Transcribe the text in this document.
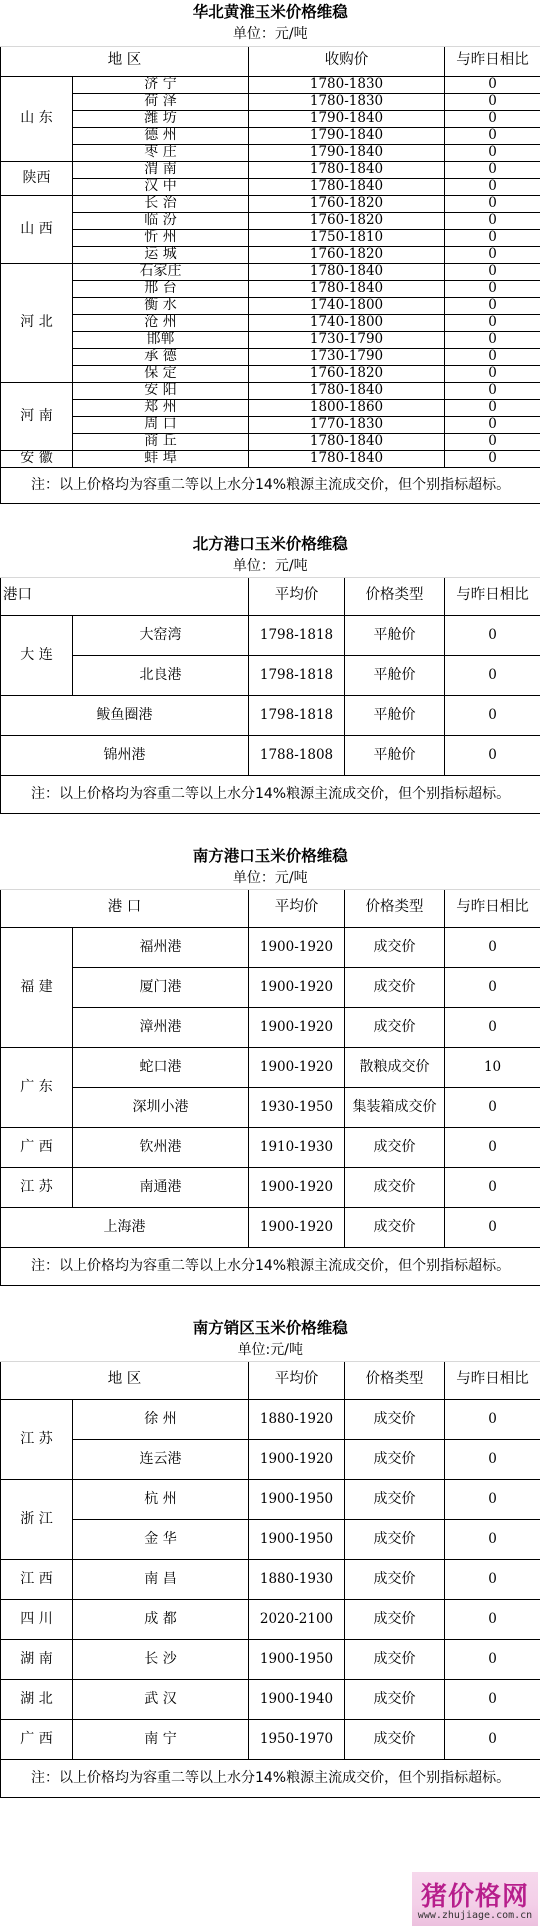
华北黄淮玉米价格维稳				
单位：元/吨				
地 区		收购价		与昨日相比
山 东	济 宁	1780-1830		0
	荷 泽	1780-1830		0
	潍 坊	1790-1840		0
	德 州	1790-1840		0
	枣 庄	1790-1840		0
陕西	渭 南	1780-1840		0
	汉 中	1780-1840		0
山 西	长 治	1760-1820		0
	临 汾	1760-1820		0
	忻 州	1750-1810		0
	运 城	1760-1820		0
河 北	石家庄	1780-1840		0
	邢 台	1780-1840		0
	衡 水	1740-1800		0
	沧 州	1740-1800		0
	邯郸	1730-1790		0
	承 德	1730-1790		0
	保 定	1760-1820		0
河 南	安 阳	1780-1840		0
	郑 州	1800-1860		0
	周 口	1770-1830		0
	商 丘	1780-1840		0
安 徽	蚌 埠	1780-1840		0
注：以上价格均为容重二等以上水分14%粮源主流成交价，但个别指标超标。				

北方港口玉米价格维稳				
单位：元/吨				
港口		平均价	价格类型	与昨日相比
大 连	大窑湾	1798-1818	平舱价	0
	北良港	1798-1818	平舱价	0
鲅鱼圈港		1798-1818	平舱价	0
锦州港		1788-1808	平舱价	0
注：以上价格均为容重二等以上水分14%粮源主流成交价，但个别指标超标。				

南方港口玉米价格维稳				
单位：元/吨				
港 口		平均价	价格类型	与昨日相比
福 建	福州港	1900-1920	成交价	0
	厦门港	1900-1920	成交价	0
	漳州港	1900-1920	成交价	0
广 东	蛇口港	1900-1920	散粮成交价	10
	深圳小港	1930-1950	集装箱成交价	0
广 西	钦州港	1910-1930	成交价	0
江 苏	南通港	1900-1920	成交价	0
上海港		1900-1920	成交价	0
注：以上价格均为容重二等以上水分14%粮源主流成交价，但个别指标超标。				

南方销区玉米价格维稳				
单位:元/吨				
地 区		平均价	价格类型	与昨日相比
江 苏	徐 州	1880-1920	成交价	0
	连云港	1900-1920	成交价	0
浙 江	杭 州	1900-1950	成交价	0
	金 华	1900-1950	成交价	0
江 西	南 昌	1880-1930	成交价	0
四 川	成 都	2020-2100	成交价	0
湖 南	长 沙	1900-1950	成交价	0
湖 北	武 汉	1900-1940	成交价	0
广 西	南 宁	1950-1970	成交价	0
注：以上价格均为容重二等以上水分14%粮源主流成交价，但个别指标超标。				
猪价格网
www.zhujiage.com.cn
